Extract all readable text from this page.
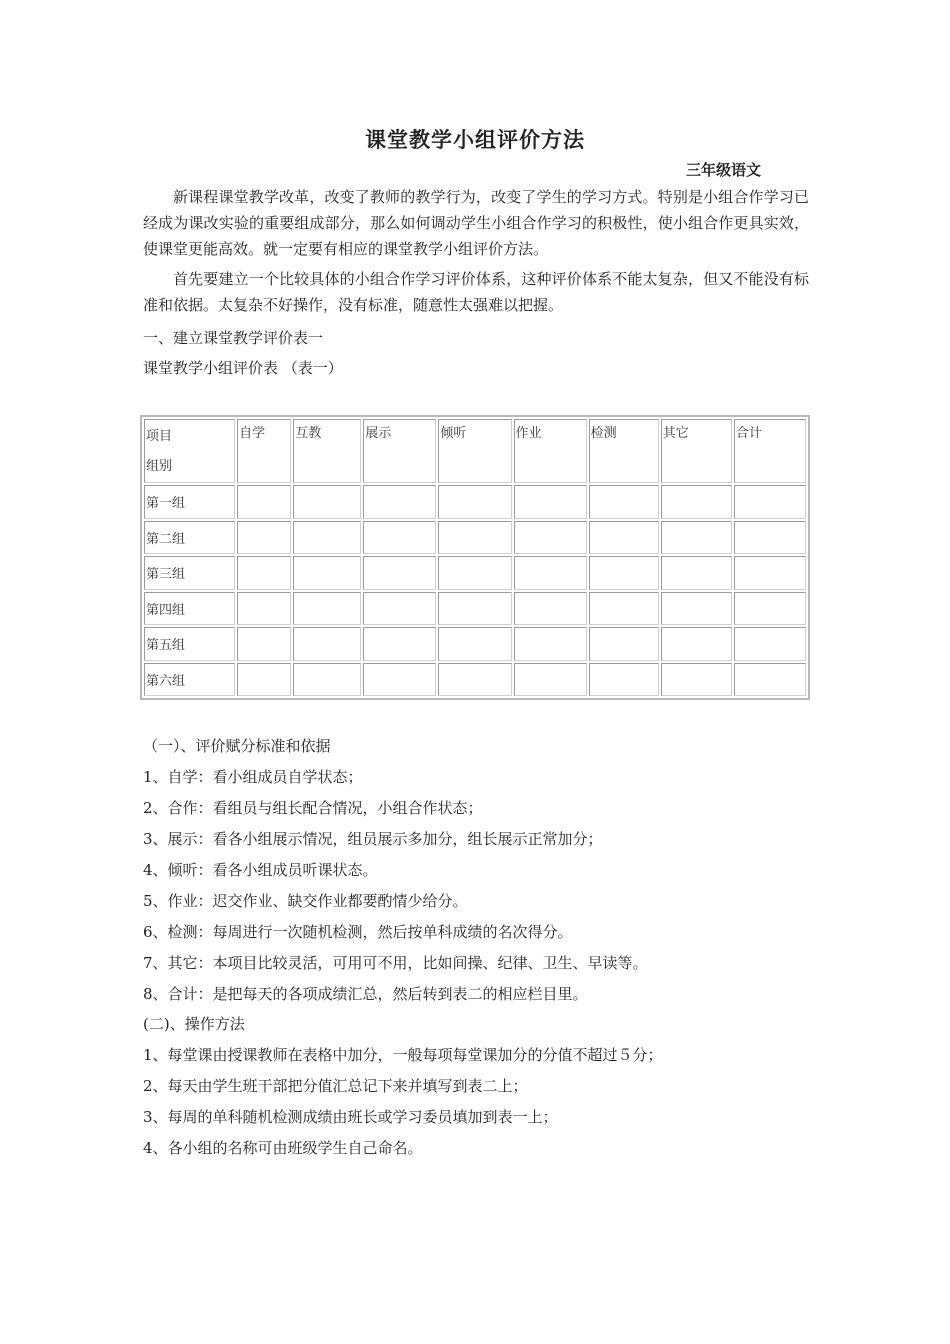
课堂教学小组评价方法
三年级语文

新课程课堂教学改革，改变了教师的教学行为，改变了学生的学习方式。特别是小组合作学习已经成为课改实验的重要组成部分，那么如何调动学生小组合作学习的积极性，使小组合作更具实效，使课堂更能高效。就一定要有相应的课堂教学小组评价方法。

首先要建立一个比较具体的小组合作学习评价体系，这种评价体系不能太复杂，但又不能没有标准和依据。太复杂不好操作，没有标准，随意性太强难以把握。

一、建立课堂教学评价表一
课堂教学小组评价表 （表一）
项目
组别	自学	互教	展示	倾听	作业	检测	其它	合计
第一组								
第二组								
第三组								
第四组								
第五组								
第六组								
（一）、评价赋分标准和依据
1、自学：看小组成员自学状态；
2、合作：看组员与组长配合情况，小组合作状态；
3、展示：看各小组展示情况，组员展示多加分，组长展示正常加分；
4、倾听：看各小组成员听课状态。
5、作业：迟交作业、缺交作业都要酌情少给分。
6、检测：每周进行一次随机检测，然后按单科成绩的名次得分。
7、其它：本项目比较灵活，可用可不用，比如间操、纪律、卫生、早读等。
8、合计：是把每天的各项成绩汇总，然后转到表二的相应栏目里。
(二)、操作方法
1、每堂课由授课教师在表格中加分，一般每项每堂课加分的分值不超过５分；
2、每天由学生班干部把分值汇总记下来并填写到表二上；
3、每周的单科随机检测成绩由班长或学习委员填加到表一上；
4、各小组的名称可由班级学生自己命名。
